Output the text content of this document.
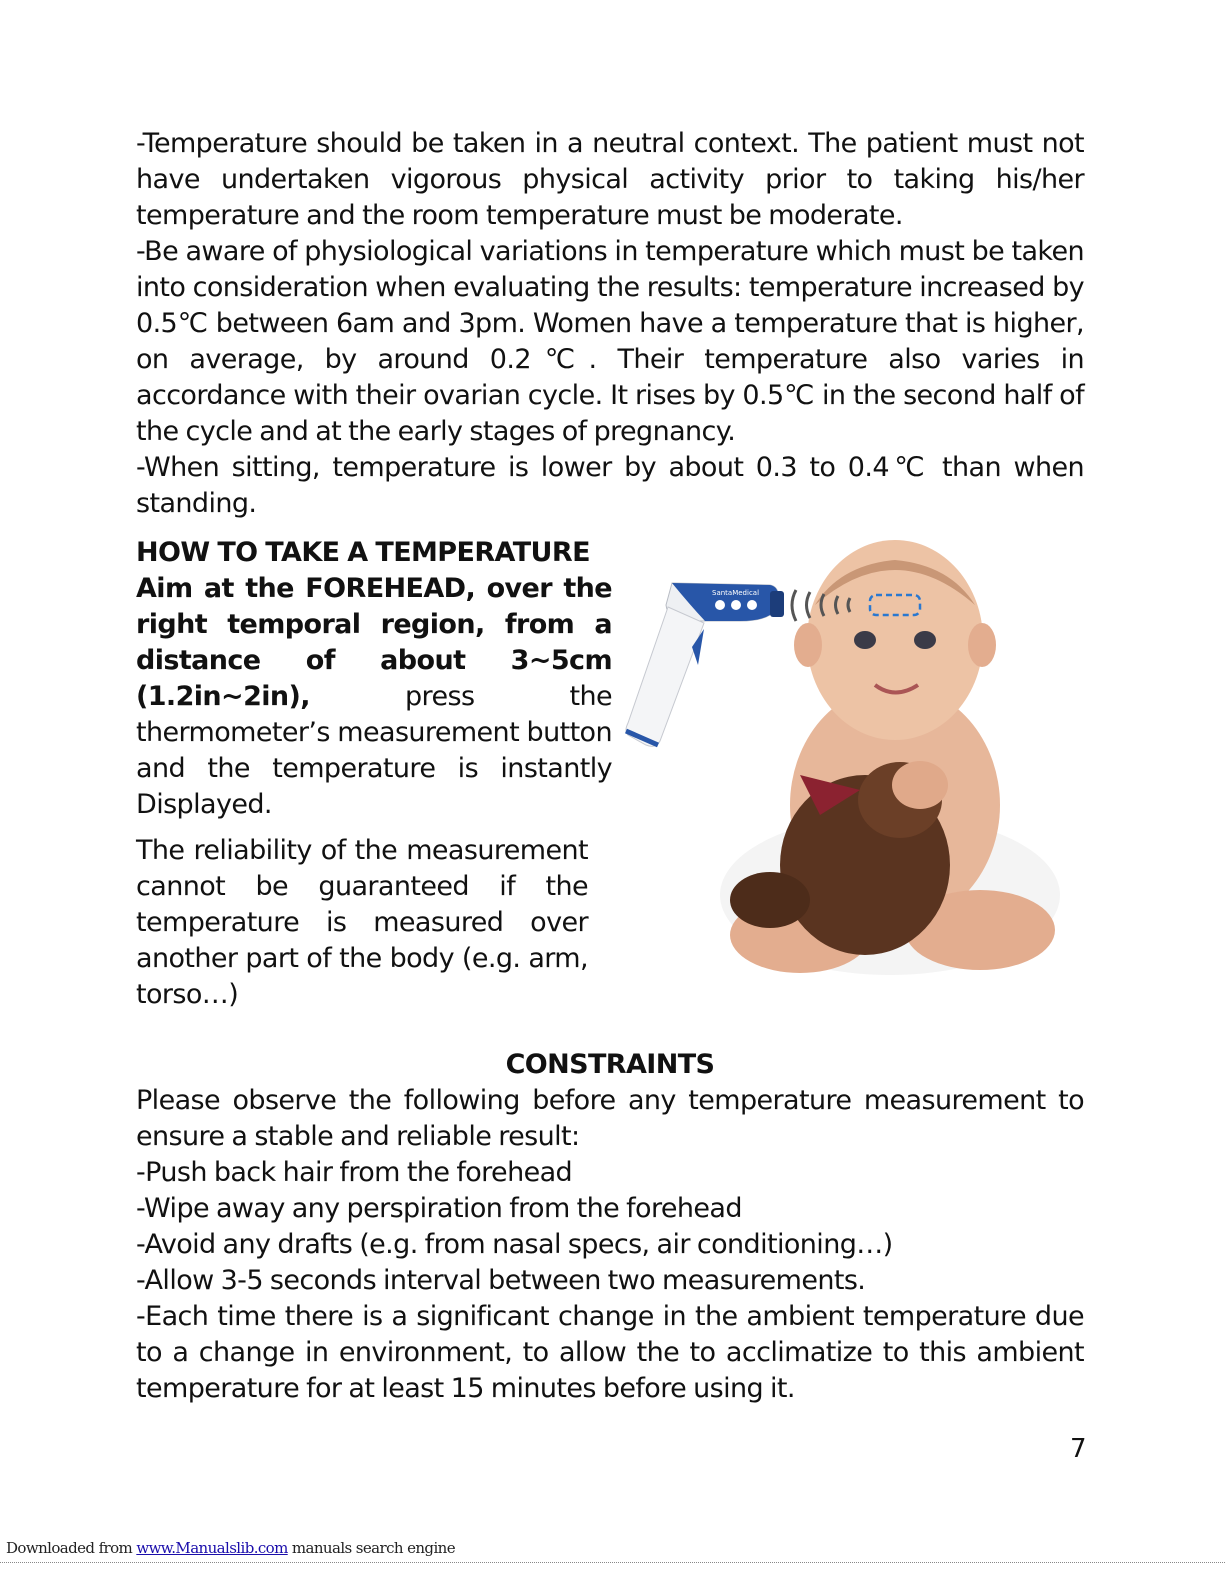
-Temperature should be taken in a neutral context. The patient must not have undertaken vigorous physical activity prior to taking his/her temperature and the room temperature must be moderate.

-Be aware of physiological variations in temperature which must be taken into consideration when evaluating the results: temperature increased by 0.5℃ between 6am and 3pm. Women have a temperature that is higher, on average, by around 0.2℃. Their temperature also varies in accordance with their ovarian cycle. It rises by 0.5℃ in the second half of the cycle and at the early stages of pregnancy.

-When sitting, temperature is lower by about 0.3 to 0.4℃ than when standing.

HOW TO TAKE A TEMPERATURE

Aim at the FOREHEAD, over the right temporal region, from a distance of about 3~5cm (1.2in~2in), press the thermometer’s measurement button and the temperature is instantly Displayed.

The reliability of the measurement cannot be guaranteed if the temperature is measured over another part of the body (e.g. arm, torso…)

SantaMedical
CONSTRAINTS
Please observe the following before any temperature measurement to ensure a stable and reliable result:
-Push back hair from the forehead
-Wipe away any perspiration from the forehead
-Avoid any drafts (e.g. from nasal specs, air conditioning…)
-Allow 3-5 seconds interval between two measurements.
-Each time there is a significant change in the ambient temperature due to a change in environment, to allow the to acclimatize to this ambient temperature for at least 15 minutes before using it.
7
Downloaded from www.Manualslib.com manuals search engine
